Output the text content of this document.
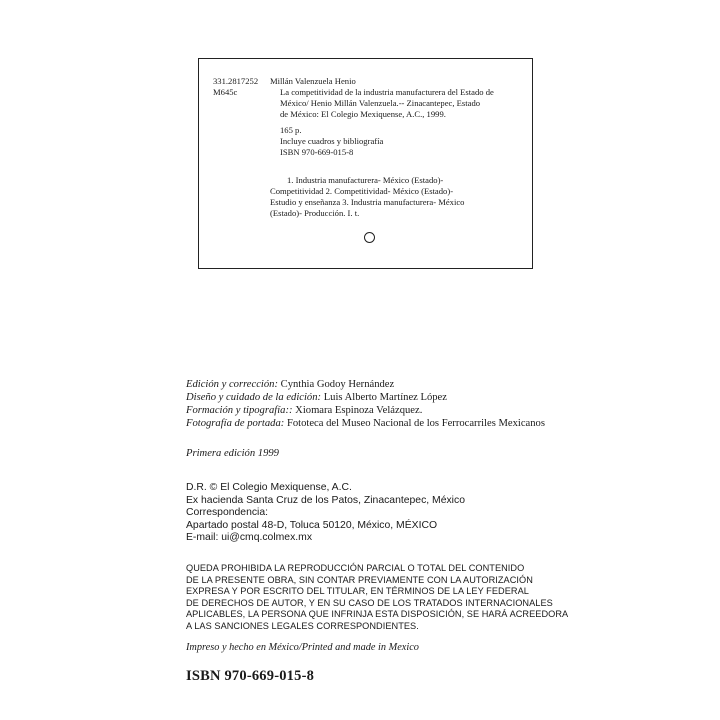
331.2817252
M645c
Millán Valenzuela Henio
La competitividad de la industria manufacturera del Estado de
México/ Henio Millán Valenzuela.-- Zinacantepec, Estado
de México: El Colegio Mexiquense, A.C., 1999.
165 p.
Incluye cuadros y bibliografía
ISBN 970-669-015-8
1. Industria manufacturera- México (Estado)-
Competitividad 2. Competitividad- México (Estado)-
Estudio y enseñanza 3. Industria manufacturera- México
(Estado)- Producción. I. t.
Edición y corrección: Cynthia Godoy Hernández
Diseño y cuidado de la edición: Luis Alberto Martínez López
Formación y tipografía:: Xiomara Espinoza Velázquez.
Fotografía de portada: Fototeca del Museo Nacional de los Ferrocarriles Mexicanos
Primera edición 1999
D.R. © El Colegio Mexiquense, A.C.
Ex hacienda Santa Cruz de los Patos, Zinacantepec, México
Correspondencia:
Apartado postal 48-D, Toluca 50120, México, MÉXICO
E-mail: ui@cmq.colmex.mx
QUEDA PROHIBIDA LA REPRODUCCIÓN PARCIAL O TOTAL DEL CONTENIDO
DE LA PRESENTE OBRA, SIN CONTAR PREVIAMENTE CON LA AUTORIZACIÓN
EXPRESA Y POR ESCRITO DEL TITULAR, EN TÉRMINOS DE LA LEY FEDERAL
DE DERECHOS DE AUTOR, Y EN SU CASO DE LOS TRATADOS INTERNACIONALES
APLICABLES, LA PERSONA QUE INFRINJA ESTA DISPOSICIÓN, SE HARÁ ACREEDORA
A LAS SANCIONES LEGALES CORRESPONDIENTES.
Impreso y hecho en México/Printed and made in Mexico
ISBN 970-669-015-8
